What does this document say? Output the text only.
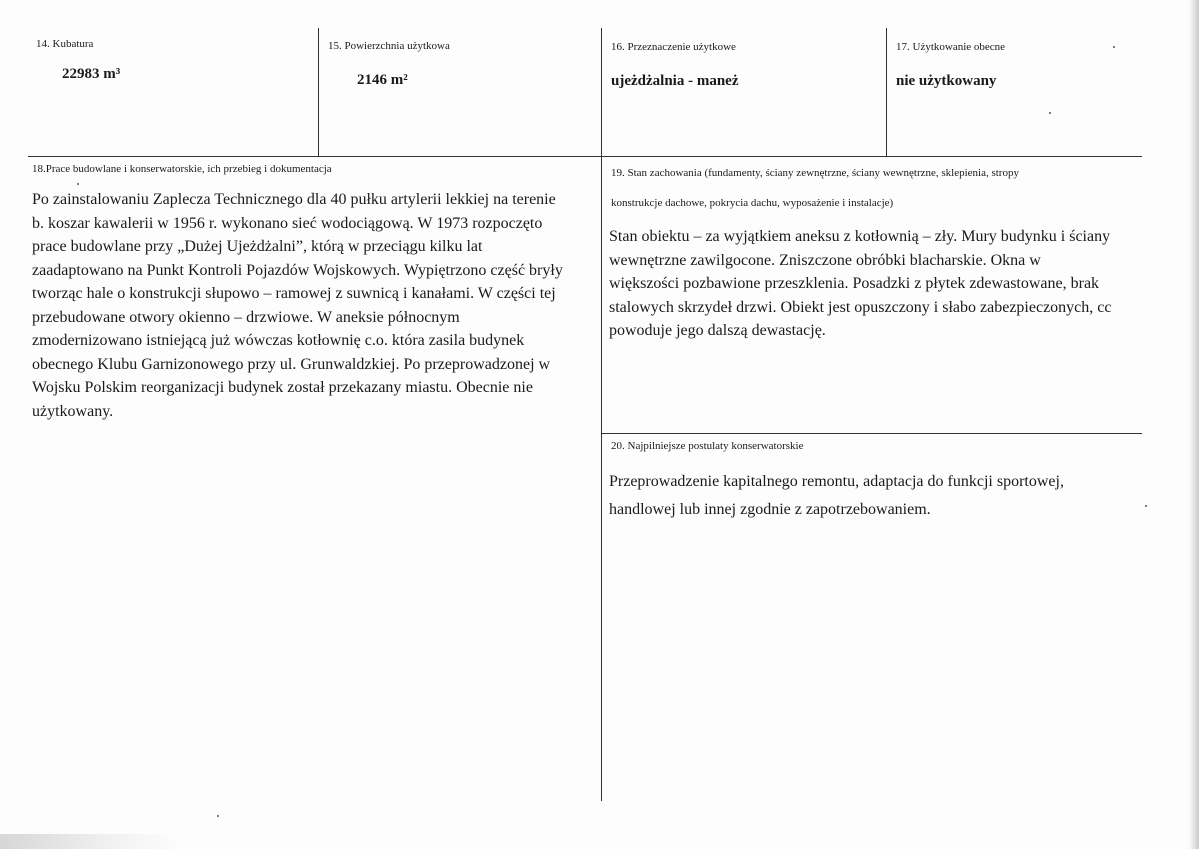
14. Kubatura
22983 m³
15. Powierzchnia użytkowa
2146 m²
16. Przeznaczenie użytkowe
ujeżdżalnia - maneż
17. Użytkowanie obecne
nie użytkowany
18.Prace budowlane i konserwatorskie, ich przebieg i dokumentacja
Po zainstalowaniu Zaplecza Technicznego dla 40 pułku artylerii lekkiej na terenie
b. koszar kawalerii w 1956 r. wykonano sieć wodociągową. W 1973 rozpoczęto
prace budowlane przy „Dużej Ujeżdżalni”, którą w przeciągu kilku lat
zaadaptowano na Punkt Kontroli Pojazdów Wojskowych. Wypiętrzono część bryły
tworząc hale o konstrukcji słupowo – ramowej z suwnicą i kanałami. W części tej
przebudowane otwory okienno – drzwiowe. W aneksie północnym
zmodernizowano istniejącą już wówczas kotłownię c.o. która zasila budynek
obecnego Klubu Garnizonowego przy ul. Grunwaldzkiej. Po przeprowadzonej w
Wojsku Polskim reorganizacji budynek został przekazany miastu. Obecnie nie
użytkowany.
19. Stan zachowania (fundamenty, ściany zewnętrzne, ściany wewnętrzne, sklepienia, stropy
konstrukcje dachowe, pokrycia dachu, wyposażenie i instalacje)
Stan obiektu – za wyjątkiem aneksu z kotłownią – zły. Mury budynku i ściany
wewnętrzne zawilgocone. Zniszczone obróbki blacharskie. Okna w
większości pozbawione przeszklenia. Posadzki z płytek zdewastowane, brak
stalowych skrzydeł drzwi. Obiekt jest opuszczony i słabo zabezpieczonych, cc
powoduje jego dalszą dewastację.
20. Najpilniejsze postulaty konserwatorskie
Przeprowadzenie kapitalnego remontu, adaptacja do funkcji sportowej,
handlowej lub innej zgodnie z zapotrzebowaniem.
